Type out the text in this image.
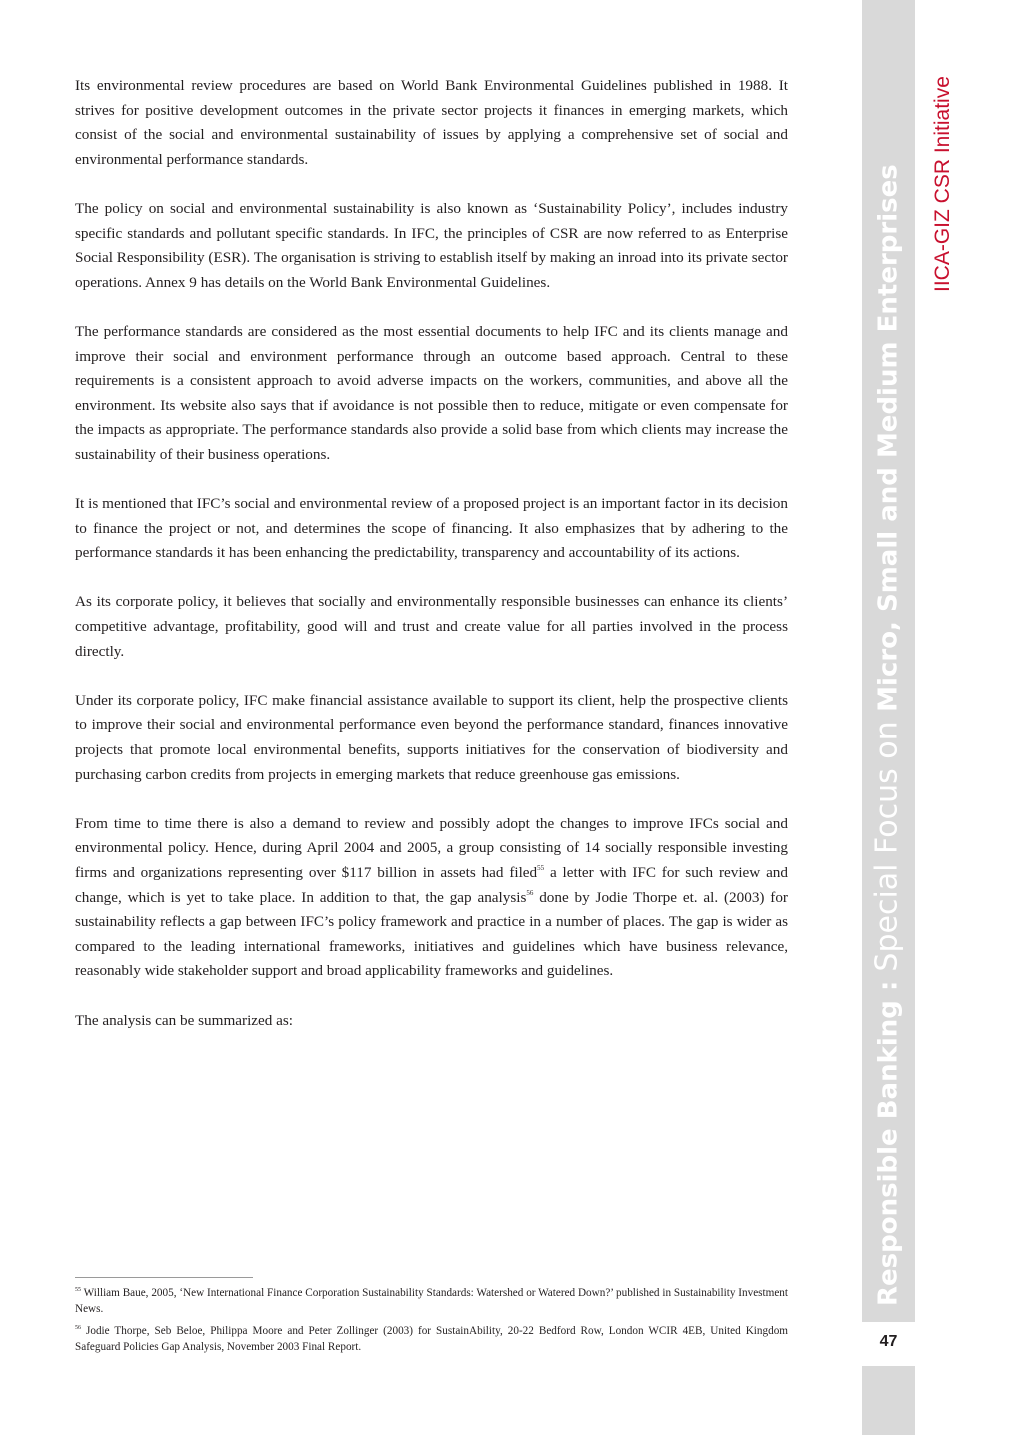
Its environmental review procedures are based on World Bank Environmental Guidelines published in 1988. It strives for positive development outcomes in the private sector projects it finances in emerging markets, which consist of the social and environmental sustainability of issues by applying a comprehensive set of social and environmental performance standards.

The policy on social and environmental sustainability is also known as ‘Sustainability Policy’, includes industry specific standards and pollutant specific standards. In IFC, the principles of CSR are now referred to as Enterprise Social Responsibility (ESR). The organisation is striving to establish itself by making an inroad into its private sector operations. Annex 9 has details on the World Bank Environmental Guidelines.

The performance standards are considered as the most essential documents to help IFC and its clients manage and improve their social and environment performance through an outcome based approach. Central to these requirements is a consistent approach to avoid adverse impacts on the workers, communities, and above all the environment. Its website also says that if avoidance is not possible then to reduce, mitigate or even compensate for the impacts as appropriate. The performance standards also provide a solid base from which clients may increase the sustainability of their business operations.

It is mentioned that IFC’s social and environmental review of a proposed project is an important factor in its decision to finance the project or not, and determines the scope of financing. It also emphasizes that by adhering to the performance standards it has been enhancing the predictability, transparency and accountability of its actions.

As its corporate policy, it believes that socially and environmentally responsible businesses can enhance its clients’ competitive advantage, profitability, good will and trust and create value for all parties involved in the process directly.

Under its corporate policy, IFC make financial assistance available to support its client, help the prospective clients to improve their social and environmental performance even beyond the performance standard, finances innovative projects that promote local environmental benefits, supports initiatives for the conservation of biodiversity and purchasing carbon credits from projects in emerging markets that reduce greenhouse gas emissions.

From time to time there is also a demand to review and possibly adopt the changes to improve IFCs social and environmental policy. Hence, during April 2004 and 2005, a group consisting of 14 socially responsible investing firms and organizations representing over $117 billion in assets had filed$^{55}$ a letter with IFC for such review and change, which is yet to take place. In addition to that, the gap analysis$^{56}$ done by Jodie Thorpe et. al. (2003) for sustainability reflects a gap between IFC’s policy framework and practice in a number of places. The gap is wider as compared to the leading international frameworks, initiatives and guidelines which have business relevance, reasonably wide stakeholder support and broad applicability frameworks and guidelines.

The analysis can be summarized as:

$^{55}$ William Baue, 2005, ‘New International Finance Corporation Sustainability Standards: Watershed or Watered Down?’ published in Sustainability Investment News.

$^{56}$ Jodie Thorpe, Seb Beloe, Philippa Moore and Peter Zollinger (2003) for SustainAbility, 20-22 Bedford Row, London WCIR 4EB, United Kingdom Safeguard Policies Gap Analysis, November 2003 Final Report.

Responsible Banking : Special Focus on Micro, Small and Medium Enterprises IICA-GIZ CSR Initiative
47
